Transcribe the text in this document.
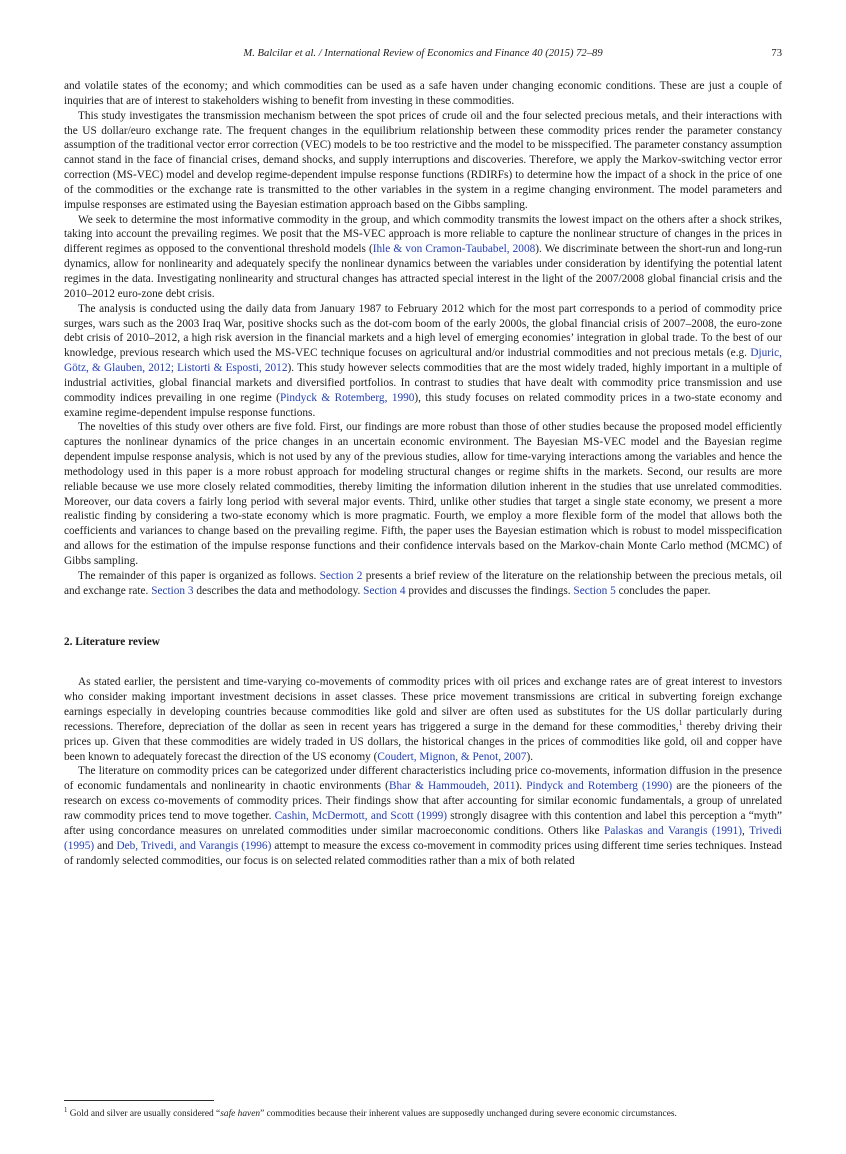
M. Balcilar et al. / International Review of Economics and Finance 40 (2015) 72–89	73

and volatile states of the economy; and which commodities can be used as a safe haven under changing economic conditions. These are just a couple of inquiries that are of interest to stakeholders wishing to benefit from investing in these commodities.

This study investigates the transmission mechanism between the spot prices of crude oil and the four selected precious metals, and their interactions with the US dollar/euro exchange rate. The frequent changes in the equilibrium relationship between these commodity prices render the parameter constancy assumption of the traditional vector error correction (VEC) models to be too restrictive and the model to be misspecified. The parameter constancy assumption cannot stand in the face of financial crises, demand shocks, and supply interruptions and discoveries. Therefore, we apply the Markov-switching vector error correction (MS-VEC) model and develop regime-dependent impulse response functions (RDIRFs) to determine how the impact of a shock in the price of one of the commodities or the exchange rate is transmitted to the other variables in the system in a regime changing environment. The model parameters and impulse responses are estimated using the Bayesian estimation approach based on the Gibbs sampling.

We seek to determine the most informative commodity in the group, and which commodity transmits the lowest impact on the others after a shock strikes, taking into account the prevailing regimes. We posit that the MS-VEC approach is more reliable to capture the nonlinear structure of changes in the prices in different regimes as opposed to the conventional threshold models (Ihle & von Cramon-Taubabel, 2008). We discriminate between the short-run and long-run dynamics, allow for nonlinearity and adequately specify the nonlinear dynamics between the variables under consideration by identifying the potential latent regimes in the data. Investigating nonlinearity and structural changes has attracted special interest in the light of the 2007/2008 global financial crisis and the 2010–2012 euro-zone debt crisis.

The analysis is conducted using the daily data from January 1987 to February 2012 which for the most part corresponds to a period of commodity price surges, wars such as the 2003 Iraq War, positive shocks such as the dot-com boom of the early 2000s, the global financial crisis of 2007–2008, the euro-zone debt crisis of 2010–2012, a high risk aversion in the financial markets and a high level of emerging economies’ integration in global trade. To the best of our knowledge, previous research which used the MS-VEC technique focuses on agricultural and/or industrial commodities and not precious metals (e.g. Djuric, Götz, & Glauben, 2012; Listorti & Esposti, 2012). This study however selects commodities that are the most widely traded, highly important in a multiple of industrial activities, global financial markets and diversified portfolios. In contrast to studies that have dealt with commodity price transmission and use commodity indices prevailing in one regime (Pindyck & Rotemberg, 1990), this study focuses on related commodity prices in a two-state economy and examine regime-dependent impulse response functions.

The novelties of this study over others are five fold. First, our findings are more robust than those of other studies because the proposed model efficiently captures the nonlinear dynamics of the price changes in an uncertain economic environment. The Bayesian MS-VEC model and the Bayesian regime dependent impulse response analysis, which is not used by any of the previous studies, allow for time-varying interactions among the variables and hence the methodology used in this paper is a more robust approach for modeling structural changes or regime shifts in the markets. Second, our results are more reliable because we use more closely related commodities, thereby limiting the information dilution inherent in the studies that use unrelated commodities. Moreover, our data covers a fairly long period with several major events. Third, unlike other studies that target a single state economy, we present a more realistic finding by considering a two-state economy which is more pragmatic. Fourth, we employ a more flexible form of the model that allows both the coefficients and variances to change based on the prevailing regime. Fifth, the paper uses the Bayesian estimation which is robust to model misspecification and allows for the estimation of the impulse response functions and their confidence intervals based on the Markov-chain Monte Carlo method (MCMC) of Gibbs sampling.

The remainder of this paper is organized as follows. Section 2 presents a brief review of the literature on the relationship between the precious metals, oil and exchange rate. Section 3 describes the data and methodology. Section 4 provides and discusses the findings. Section 5 concludes the paper.

2. Literature review

As stated earlier, the persistent and time-varying co-movements of commodity prices with oil prices and exchange rates are of great interest to investors who consider making important investment decisions in asset classes. These price movement transmissions are critical in subverting foreign exchange earnings especially in developing countries because commodities like gold and silver are often used as substitutes for the US dollar particularly during recessions. Therefore, depreciation of the dollar as seen in recent years has triggered a surge in the demand for these commodities,$^1$ thereby driving their prices up. Given that these commodities are widely traded in US dollars, the historical changes in the prices of commodities like gold, oil and copper have been known to adequately forecast the direction of the US economy (Coudert, Mignon, & Penot, 2007).

The literature on commodity prices can be categorized under different characteristics including price co-movements, information diffusion in the presence of economic fundamentals and nonlinearity in chaotic environments (Bhar & Hammoudeh, 2011). Pindyck and Rotemberg (1990) are the pioneers of the research on excess co-movements of commodity prices. Their findings show that after accounting for similar economic fundamentals, a group of unrelated raw commodity prices tend to move together. Cashin, McDermott, and Scott (1999) strongly disagree with this contention and label this perception a “myth” after using concordance measures on unrelated commodities under similar macroeconomic conditions. Others like Palaskas and Varangis (1991), Trivedi (1995) and Deb, Trivedi, and Varangis (1996) attempt to measure the excess co-movement in commodity prices using different time series techniques. Instead of randomly selected commodities, our focus is on selected related commodities rather than a mix of both related

$^1$ Gold and silver are usually considered “safe haven” commodities because their inherent values are supposedly unchanged during severe economic circumstances.
